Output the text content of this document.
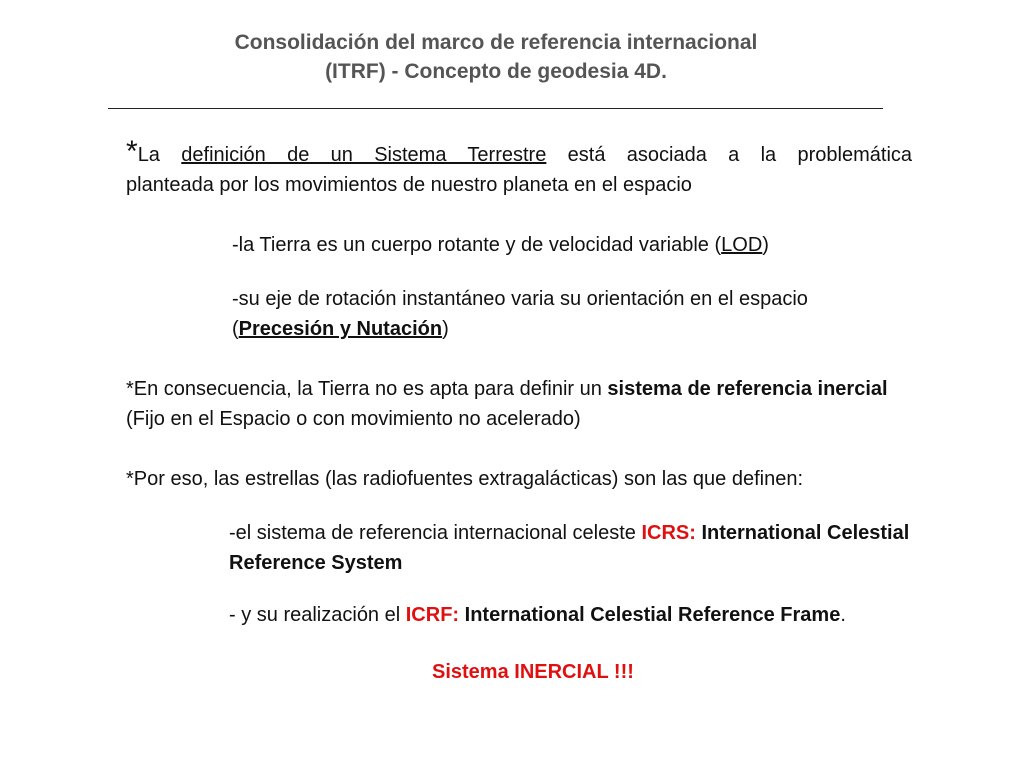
Consolidación del marco de referencia internacional
(ITRF) - Concepto de geodesia 4D.
*La definición de un Sistema Terrestre está asociada a la problemática
planteada por los movimientos de nuestro planeta en el espacio
-la Tierra es un cuerpo rotante y de velocidad variable (LOD)
-su eje de rotación instantáneo varia su orientación en el espacio (Precesión y Nutación)
*En consecuencia, la Tierra no es apta para definir un sistema de referencia inercial (Fijo en el Espacio o con movimiento no acelerado)
*Por eso, las estrellas (las radiofuentes extragalácticas) son las que definen:
-el sistema de referencia internacional celeste ICRS: International Celestial Reference System
- y su realización el ICRF: International Celestial Reference Frame.
Sistema INERCIAL !!!
